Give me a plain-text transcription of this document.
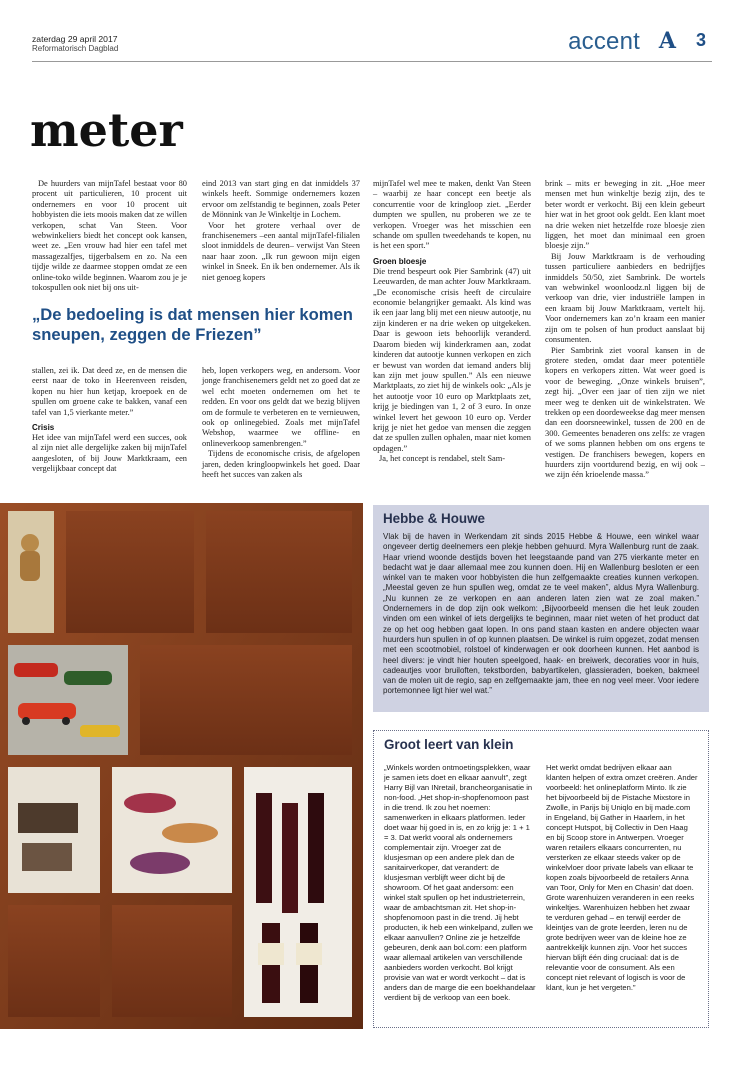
zaterdag 29 april 2017
Reformatorisch Dagblad	accent A 3
meter

De huurders van mijnTafel bestaat voor 80 procent uit particulieren, 10 procent uit ondernemers en voor 10 procent uit hobbyisten die iets moois maken dat ze willen verkopen, schat Van Steen. Voor webwinkeliers biedt het concept ook kansen, weet ze. „Een vrouw had hier een tafel met massagezalfjes, tijgerbalsem en zo. Na een tijdje wilde ze daarmee stoppen omdat ze een online-toko wilde beginnen. Waarom zou je je tokospullen ook niet bij ons uit-

eind 2013 van start ging en dat inmiddels 37 winkels heeft. Sommige ondernemers kozen ervoor om zelfstandig te beginnen, zoals Peter de Mönnink van Je Winkeltje in Lochem.

Voor het grotere verhaal over de franchisenemers –een aantal mijnTafel-filialen sloot inmiddels de deuren– verwijst Van Steen naar haar zoon. „Ik run gewoon mijn eigen winkel in Sneek. En ik ben ondernemer. Als ik niet genoeg kopers

„De bedoeling is dat mensen hier komen sneupen, zeggen de Friezen”

stallen, zei ik. Dat deed ze, en de mensen die eerst naar de toko in Heerenveen reisden, kopen nu hier hun ketjap, kroepoek en de spullen om groene cake te bakken, vanaf een tafel van 1,5 vierkante meter.”

Crisis

Het idee van mijnTafel werd een succes, ook al zijn niet alle dergelijke zaken bij mijnTafel aangesloten, of bij Jouw Marktkraam, een vergelijkbaar concept dat

heb, lopen verkopers weg, en andersom. Voor jonge franchisenemers geldt net zo goed dat ze wel echt moeten ondernemen om het te redden. En voor ons geldt dat we bezig blijven om de formule te verbeteren en te vernieuwen, ook op onlinegebied. Zoals met mijnTafel Webshop, waarmee we offline- en onlineverkoop samenbrengen.”

Tijdens de economische crisis, de afgelopen jaren, deden kringloopwinkels het goed. Daar heeft het succes van zaken als

mijnTafel wel mee te maken, denkt Van Steen – waarbij ze haar concept een beetje als concurrentie voor de kringloop ziet. „Eerder dumpten we spullen, nu proberen we ze te verkopen. Vroeger was het misschien een schande om spullen tweedehands te kopen, nu is het een sport.”

Groen bloesje

Die trend bespeurt ook Pier Sambrink (47) uit Leeuwarden, de man achter Jouw Marktkraam. „De economische crisis heeft de circulaire economie belangrijker gemaakt. Als kind was ik een jaar lang blij met een nieuw autootje, nu zijn kinderen er na drie weken op uitgekeken. Daar is gewoon iets behoorlijk veranderd. Daarom bieden wij kinderkramen aan, zodat kinderen dat autootje kunnen verkopen en zich er bewust van worden dat iemand anders blij kan zijn met jouw spullen.” Als een nieuwe Marktplaats, zo ziet hij de winkels ook: „Als je het autootje voor 10 euro op Marktplaats zet, krijg je biedingen van 1, 2 of 3 euro. In onze winkel levert het gewoon 10 euro op. Verder krijg je niet het gedoe van mensen die zeggen dat ze spullen zullen ophalen, maar niet komen opdagen.”

Ja, het concept is rendabel, stelt Sam-

brink – mits er beweging in zit. „Hoe meer mensen met hun winkeltje bezig zijn, des te beter wordt er verkocht. Bij een klein gebeurt hier wat in het groot ook geldt. Een klant moet na drie weken niet hetzelfde roze bloesje zien liggen, het moet dan minimaal een groen bloesje zijn.”

Bij Jouw Marktkraam is de verhouding tussen particuliere aanbieders en bedrijfjes inmiddels 50/50, ziet Sambrink. De wortels van webwinkel woonloodz.nl liggen bij de verkoop van drie, vier industriële lampen in een kraam bij Jouw Marktkraam, vertelt hij. Voor ondernemers kan zo’n kraam een manier zijn om te polsen of hun product aanslaat bij consumenten.

Pier Sambrink ziet vooral kansen in de grotere steden, omdat daar meer potentiële kopers en verkopers zitten. Wat weer goed is voor de beweging. „Onze winkels bruisen”, zegt hij. „Over een jaar of tien zijn we niet meer weg te denken uit de winkelstraten. We trekken op een doordeweekse dag meer mensen dan een doorsneewinkel, tussen de 200 en de 300. Gemeentes benaderen ons zelfs: ze vragen of we soms plannen hebben om ons ergens te vestigen. De franchisers bewegen, kopers en huurders zijn voortdurend bezig, en wij ook – we zijn één krioelende massa.”

Hebbe & Houwe

Vlak bij de haven in Werkendam zit sinds 2015 Hebbe & Houwe, een winkel waar ongeveer dertig deelnemers een plekje hebben gehuurd. Myra Wallenburg runt de zaak. Haar vriend woonde destijds boven het leegstaande pand van 275 vierkante meter en bedacht wat je daar allemaal mee zou kunnen doen. Hij en Wallenburg besloten er een winkel van te maken voor hobbyisten die hun zelfgemaakte creaties kunnen verkopen. „Meestal geven ze hun spullen weg, omdat ze te veel maken”, aldus Myra Wallenburg. „Nu kunnen ze ze verkopen en aan anderen laten zien wat ze zoal maken.” Ondernemers in de dop zijn ook welkom: „Bijvoorbeeld mensen die het leuk zouden vinden om een winkel of iets dergelijks te beginnen, maar niet weten of het product dat ze op het oog hebben gaat lopen. In ons pand staan kasten en andere objecten waar huurders hun spullen in of op kunnen plaatsen. De winkel is ruim opgezet, zodat mensen met een scootmobiel, rolstoel of kinderwagen er ook doorheen kunnen. Het aanbod is heel divers: je vindt hier houten speelgoed, haak- en breiwerk, decoraties voor in huis, cadeautjes voor bruiloften, tekstborden, babyartikelen, glassieraden, boeken, bakmeel van de molen uit de regio, sap en zelfgemaakte jam, thee en nog veel meer. Voor iedere portemonnee ligt hier wel wat.”

Groot leert van klein
„Winkels worden ontmoetingsplekken, waar je samen iets doet en elkaar aanvult”, zegt Harry Bijl van INretail, brancheorganisatie in non-food. „Het shop-in-shopfenomoon past in die trend. Ik zou het noemen: samenwerken in elkaars platformen. Ieder doet waar hij goed in is, en zo krijg je: 1 + 1 = 3. Dat werkt vooral als ondernemers complementair zijn. Vroeger zat de klusjesman op een andere plek dan de sanitairverkoper, dat verandert: de klusjesman verblijft weer dicht bij de showroom. Of het gaat andersom: een winkel stalt spullen op het industrieterrein, waar de ambachtsman zit. Het shop-in-shopfenomoon past in die trend. Jij hebt producten, ik heb een winkelpand, zullen we elkaar aanvullen? Online zie je hetzelfde gebeuren, denk aan bol.com: een platform waar allemaal artikelen van verschillende aanbieders worden verkocht. Bol krijgt provisie van wat er wordt verkocht – dat is anders dan de marge die een boekhandelaar verdient bij de verkoop van een boek.
Het werkt omdat bedrijven elkaar aan klanten helpen of extra omzet creëren. Ander voorbeeld: het onlineplatform Minto. Ik zie het bijvoorbeeld bij de Pistache Mixstore in Zwolle, in Parijs bij Uniqlo en bij made.com in Engeland, bij Gather in Haarlem, in het concept Hutspot, bij Collectiv in Den Haag en bij Scoop store in Antwerpen. Vroeger waren retailers elkaars concurrenten, nu versterken ze elkaar steeds vaker op de winkelvloer door private labels van elkaar te kopen zoals bijvoorbeeld de retailers Anna van Toor, Only for Men en Chasin’ dat doen. Grote warenhuizen veranderen in een reeks winkeltjes. Warenhuizen hebben het zwaar te verduren gehad – en terwijl eerder de kleintjes van de grote leerden, leren nu de grote bedrijven weer van de kleine hoe ze aantrekkelijk kunnen zijn. Voor het succes hiervan blijft één ding cruciaal: dat is de relevantie voor de consument. Als een concept niet relevant of logisch is voor de klant, kun je het vergeten.”
